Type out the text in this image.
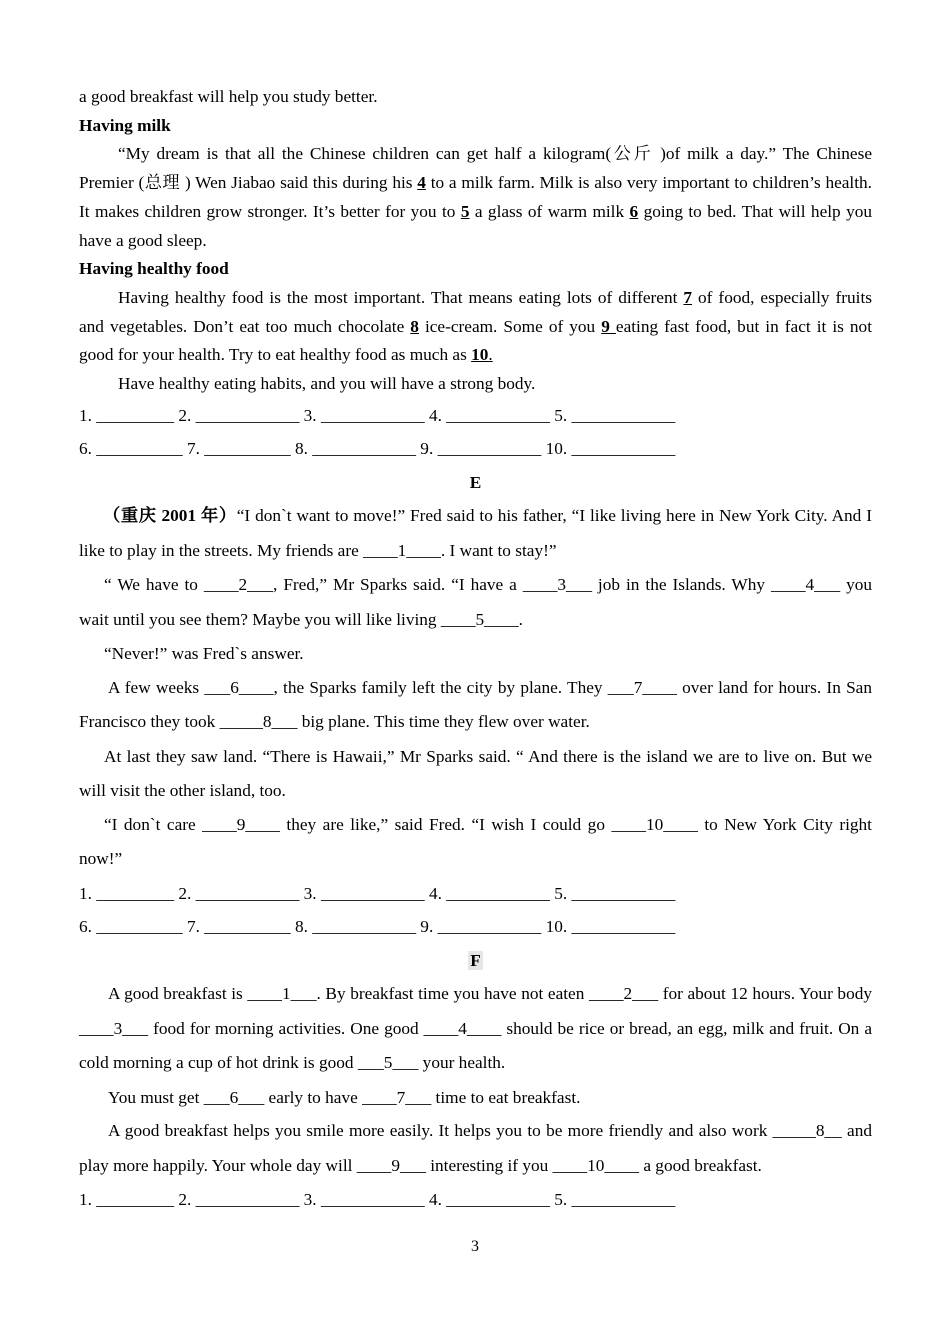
a good breakfast will help you study better.

Having milk

“My dream is that all the Chinese children can get half a kilogram(公斤 )of milk a day.” The Chinese Premier (总理 ) Wen Jiabao said this during his 4 to a milk farm. Milk is also very important to children’s health. It makes children grow stronger. It’s better for you to 5 a glass of warm milk 6 going to bed. That will help you have a good sleep.

Having healthy food

Having healthy food is the most important. That means eating lots of different 7 of food, especially fruits and vegetables. Don’t eat too much chocolate 8 ice-cream. Some of you 9 eating fast food, but in fact it is not good for your health. Try to eat healthy food as much as 10.

Have healthy eating habits, and you will have a strong body.

1. _________ 2. ____________ 3. ____________ 4. ____________ 5. ____________

6. __________ 7. __________ 8. ____________ 9. ____________ 10. ____________

E

（重庆 2001 年）“I don`t want to move!” Fred said to his father, “I like living here in New York City. And I like to play in the streets. My friends are ____1____. I want to stay!”

“ We have to ____2___, Fred,” Mr Sparks said. “I have a ____3___ job in the Islands. Why ____4___ you wait until you see them? Maybe you will like living ____5____.

“Never!” was Fred`s answer.

A few weeks ___6____, the Sparks family left the city by plane. They ___7____ over land for hours. In San Francisco they took _____8___ big plane. This time they flew over water.

At last they saw land. “There is Hawaii,” Mr Sparks said. “ And there is the island we are to live on. But we will visit the other island, too.

“I don`t care ____9____ they are like,” said Fred. “I wish I could go ____10____ to New York City right now!”

1. _________ 2. ____________ 3. ____________ 4. ____________ 5. ____________

6. __________ 7. __________ 8. ____________ 9. ____________ 10. ____________

F

A good breakfast is ____1___. By breakfast time you have not eaten ____2___ for about 12 hours. Your body ____3___ food for morning activities. One good ____4____ should be rice or bread, an egg, milk and fruit. On a cold morning a cup of hot drink is good ___5___ your health.

You must get ___6___ early to have ____7___ time to eat breakfast.

A good breakfast helps you smile more easily. It helps you to be more friendly and also work _____8__ and play more happily. Your whole day will ____9___ interesting if you ____10____ a good breakfast.

1. _________ 2. ____________ 3. ____________ 4. ____________ 5. ____________

3
